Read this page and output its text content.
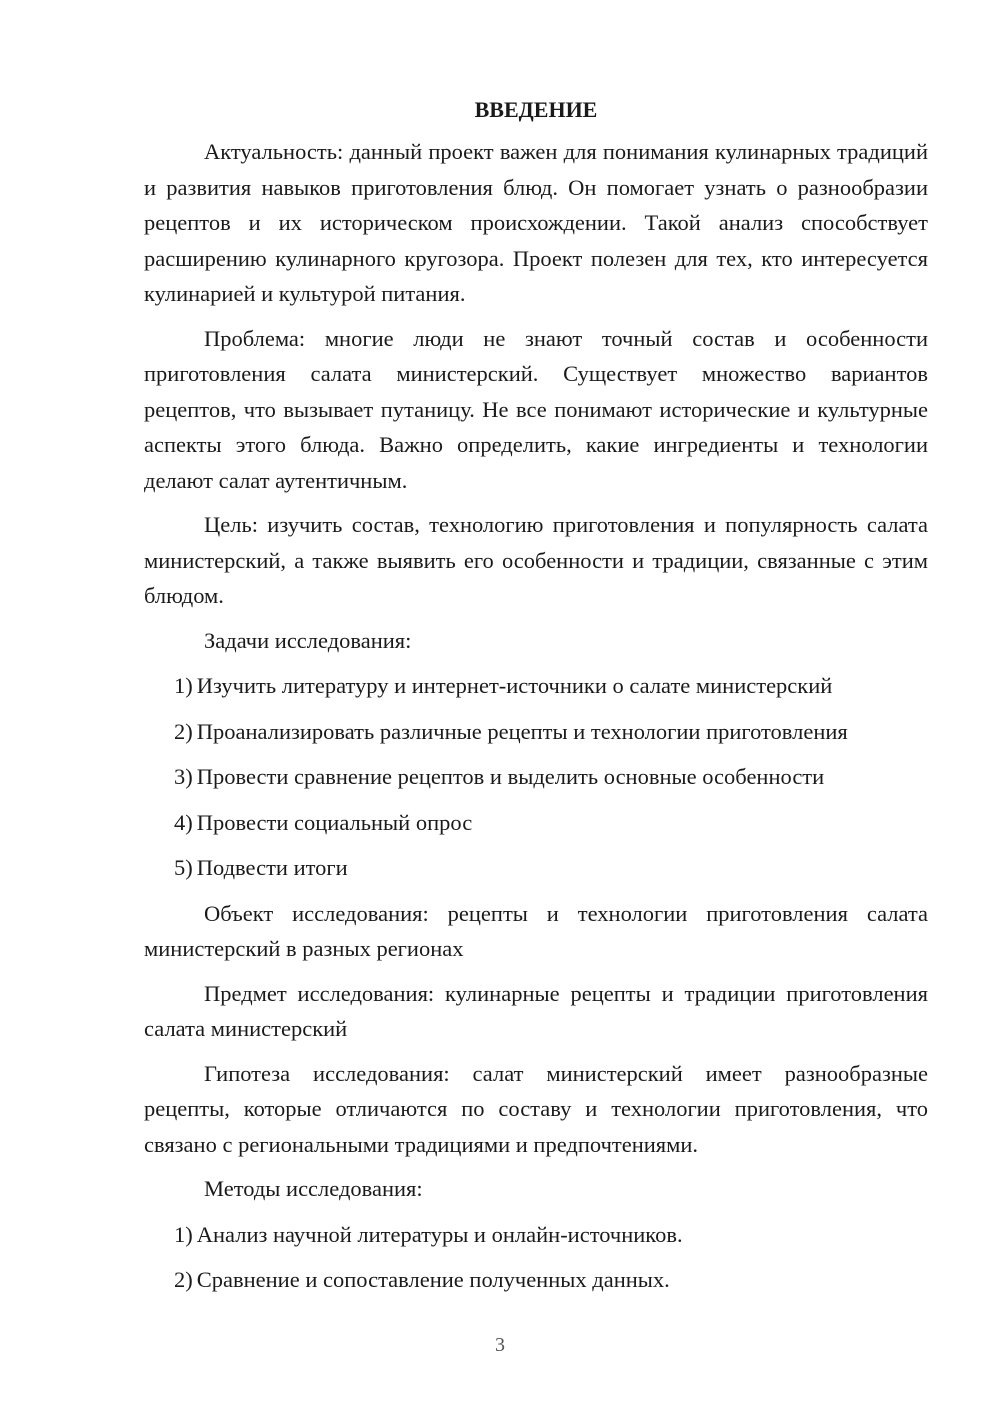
ВВЕДЕНИЕ

Актуальность: данный проект важен для понимания кулинарных традиций и развития навыков приготовления блюд. Он помогает узнать о разнообразии рецептов и их историческом происхождении. Такой анализ способствует расширению кулинарного кругозора. Проект полезен для тех, кто интересуется кулинарией и культурой питания.

Проблема: многие люди не знают точный состав и особенности приготовления салата министерский. Существует множество вариантов рецептов, что вызывает путаницу. Не все понимают исторические и культурные аспекты этого блюда. Важно определить, какие ингредиенты и технологии делают салат аутентичным.

Цель: изучить состав, технологию приготовления и популярность салата министерский, а также выявить его особенности и традиции, связанные с этим блюдом.

Задачи исследования:

1) Изучить литературу и интернет-источники о салате министерский

2) Проанализировать различные рецепты и технологии приготовления

3) Провести сравнение рецептов и выделить основные особенности

4) Провести социальный опрос

5) Подвести итоги

Объект исследования: рецепты и технологии приготовления салата министерский в разных регионах

Предмет исследования: кулинарные рецепты и традиции приготовления салата министерский

Гипотеза исследования: салат министерский имеет разнообразные рецепты, которые отличаются по составу и технологии приготовления, что связано с региональными традициями и предпочтениями.

Методы исследования:

1) Анализ научной литературы и онлайн-источников.

2) Сравнение и сопоставление полученных данных.

3
